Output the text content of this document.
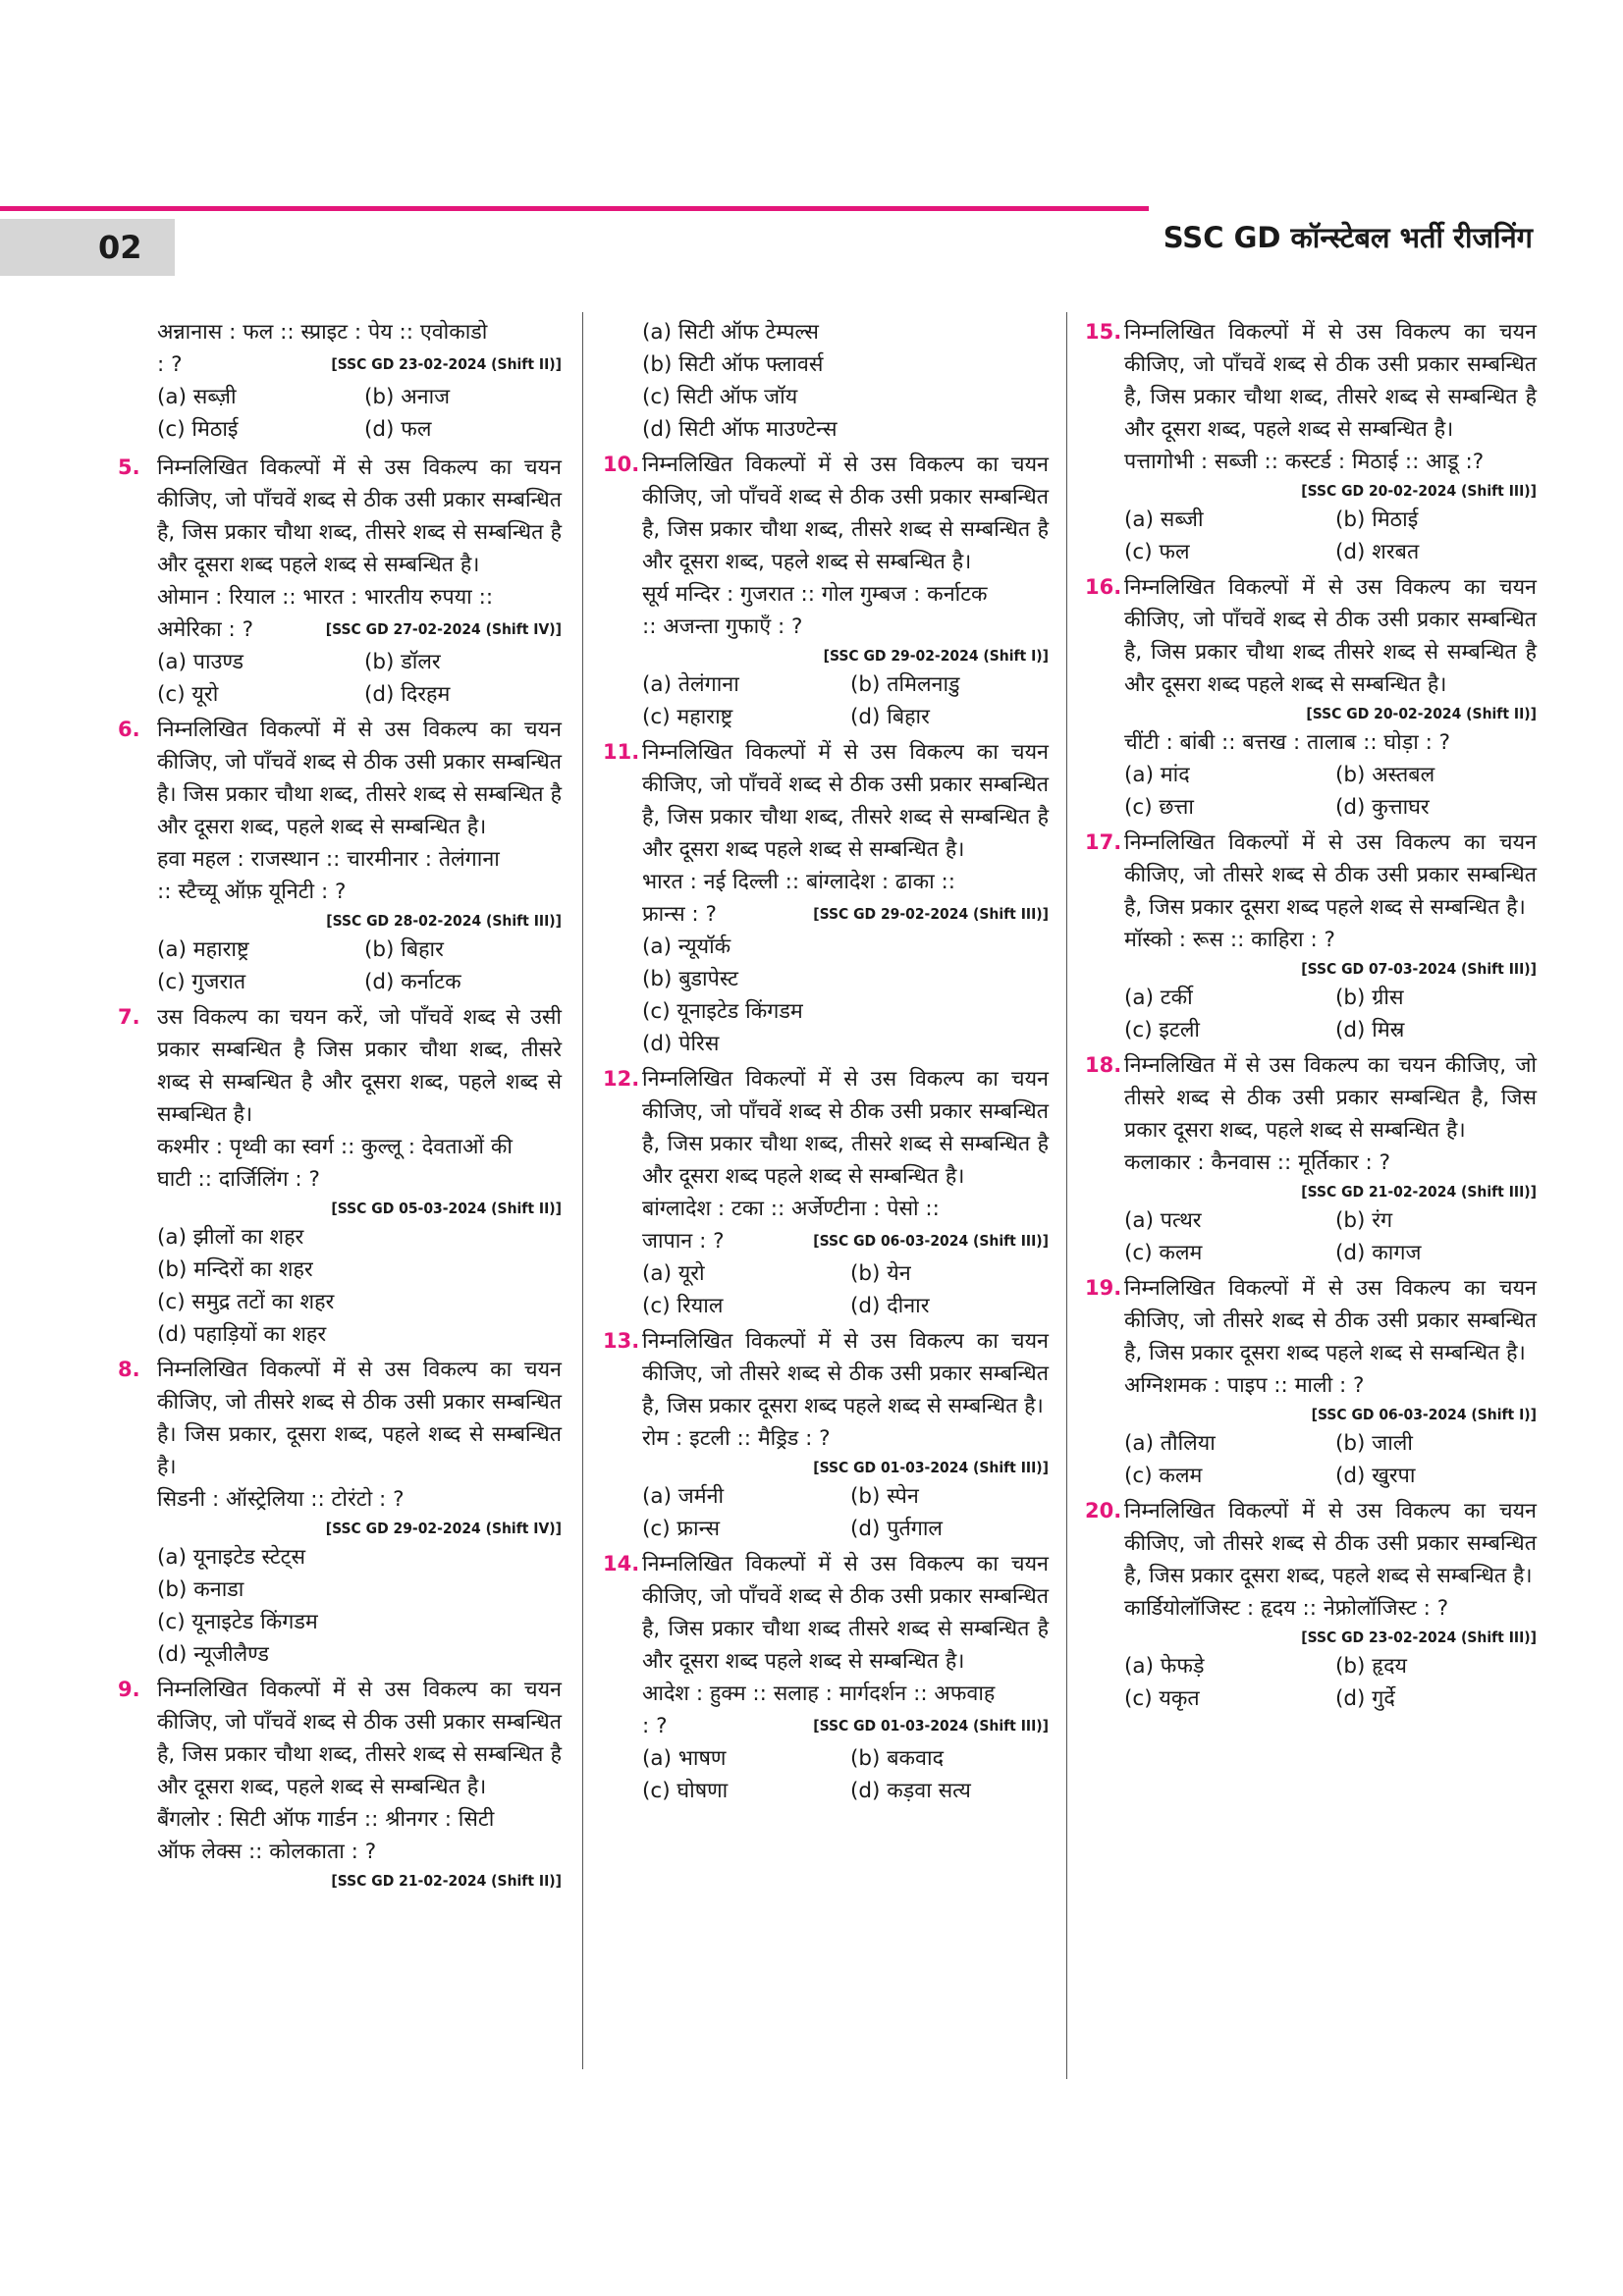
02	SSC GD कॉन्स्टेबल भर्ती रीजनिंग
अन्नानास : फल :: स्प्राइट : पेय :: एवोकाडो
: ?	[SSC GD 23-02-2024 (Shift II)]
(a) सब्ज़ी	(b) अनाज
(c) मिठाई	(d) फल
5. निम्नलिखित विकल्पों में से उस विकल्प का चयन कीजिए, जो पाँचवें शब्द से ठीक उसी प्रकार सम्बन्धित है, जिस प्रकार चौथा शब्द, तीसरे शब्द से सम्बन्धित है और दूसरा शब्द पहले शब्द से सम्बन्धित है।
ओमान : रियाल :: भारत : भारतीय रुपया ::
अमेरिका : ?	[SSC GD 27-02-2024 (Shift IV)]
(a) पाउण्ड	(b) डॉलर
(c) यूरो	(d) दिरहम
6. निम्नलिखित विकल्पों में से उस विकल्प का चयन कीजिए, जो पाँचवें शब्द से ठीक उसी प्रकार सम्बन्धित है। जिस प्रकार चौथा शब्द, तीसरे शब्द से सम्बन्धित है और दूसरा शब्द, पहले शब्द से सम्बन्धित है।
हवा महल : राजस्थान :: चारमीनार : तेलंगाना
:: स्टैच्यू ऑफ़ यूनिटी : ?
[SSC GD 28-02-2024 (Shift III)]
(a) महाराष्ट्र	(b) बिहार
(c) गुजरात	(d) कर्नाटक
7. उस विकल्प का चयन करें, जो पाँचवें शब्द से उसी प्रकार सम्बन्धित है जिस प्रकार चौथा शब्द, तीसरे शब्द से सम्बन्धित है और दूसरा शब्द, पहले शब्द से सम्बन्धित है।
कश्मीर : पृथ्वी का स्वर्ग :: कुल्लू : देवताओं की
घाटी :: दार्जिलिंग : ?
[SSC GD 05-03-2024 (Shift II)]
(a) झीलों का शहर
(b) मन्दिरों का शहर
(c) समुद्र तटों का शहर
(d) पहाड़ियों का शहर
8. निम्नलिखित विकल्पों में से उस विकल्प का चयन कीजिए, जो तीसरे शब्द से ठीक उसी प्रकार सम्बन्धित है। जिस प्रकार, दूसरा शब्द, पहले शब्द से सम्बन्धित है।
सिडनी : ऑस्ट्रेलिया :: टोरंटो : ?
[SSC GD 29-02-2024 (Shift IV)]
(a) यूनाइटेड स्टेट्स
(b) कनाडा
(c) यूनाइटेड किंगडम
(d) न्यूजीलैण्ड
9. निम्नलिखित विकल्पों में से उस विकल्प का चयन कीजिए, जो पाँचवें शब्द से ठीक उसी प्रकार सम्बन्धित है, जिस प्रकार चौथा शब्द, तीसरे शब्द से सम्बन्धित है और दूसरा शब्द, पहले शब्द से सम्बन्धित है।
बैंगलोर : सिटी ऑफ गार्डन :: श्रीनगर : सिटी
ऑफ लेक्स :: कोलकाता : ?
[SSC GD 21-02-2024 (Shift II)]
(a) सिटी ऑफ टेम्पल्स
(b) सिटी ऑफ फ्लावर्स
(c) सिटी ऑफ जॉय
(d) सिटी ऑफ माउण्टेन्स
10. निम्नलिखित विकल्पों में से उस विकल्प का चयन कीजिए, जो पाँचवें शब्द से ठीक उसी प्रकार सम्बन्धित है, जिस प्रकार चौथा शब्द, तीसरे शब्द से सम्बन्धित है और दूसरा शब्द, पहले शब्द से सम्बन्धित है।
सूर्य मन्दिर : गुजरात :: गोल गुम्बज : कर्नाटक
:: अजन्ता गुफाएँ : ?
[SSC GD 29-02-2024 (Shift I)]
(a) तेलंगाना	(b) तमिलनाडु
(c) महाराष्ट्र	(d) बिहार
11. निम्नलिखित विकल्पों में से उस विकल्प का चयन कीजिए, जो पाँचवें शब्द से ठीक उसी प्रकार सम्बन्धित है, जिस प्रकार चौथा शब्द, तीसरे शब्द से सम्बन्धित है और दूसरा शब्द पहले शब्द से सम्बन्धित है।
भारत : नई दिल्ली :: बांग्लादेश : ढाका ::
फ्रान्स : ?	[SSC GD 29-02-2024 (Shift III)]
(a) न्यूयॉर्क
(b) बुडापेस्ट
(c) यूनाइटेड किंगडम
(d) पेरिस
12. निम्नलिखित विकल्पों में से उस विकल्प का चयन कीजिए, जो पाँचवें शब्द से ठीक उसी प्रकार सम्बन्धित है, जिस प्रकार चौथा शब्द, तीसरे शब्द से सम्बन्धित है और दूसरा शब्द पहले शब्द से सम्बन्धित है।
बांग्लादेश : टका :: अर्जेण्टीना : पेसो ::
जापान : ?	[SSC GD 06-03-2024 (Shift III)]
(a) यूरो	(b) येन
(c) रियाल	(d) दीनार
13. निम्नलिखित विकल्पों में से उस विकल्प का चयन कीजिए, जो तीसरे शब्द से ठीक उसी प्रकार सम्बन्धित है, जिस प्रकार दूसरा शब्द पहले शब्द से सम्बन्धित है।
रोम : इटली :: मैड्रिड : ?
[SSC GD 01-03-2024 (Shift III)]
(a) जर्मनी	(b) स्पेन
(c) फ्रान्स	(d) पुर्तगाल
14. निम्नलिखित विकल्पों में से उस विकल्प का चयन कीजिए, जो पाँचवें शब्द से ठीक उसी प्रकार सम्बन्धित है, जिस प्रकार चौथा शब्द तीसरे शब्द से सम्बन्धित है और दूसरा शब्द पहले शब्द से सम्बन्धित है।
आदेश : हुक्म :: सलाह : मार्गदर्शन :: अफवाह
: ?	[SSC GD 01-03-2024 (Shift III)]
(a) भाषण	(b) बकवाद
(c) घोषणा	(d) कड़वा सत्य
15. निम्नलिखित विकल्पों में से उस विकल्प का चयन कीजिए, जो पाँचवें शब्द से ठीक उसी प्रकार सम्बन्धित है, जिस प्रकार चौथा शब्द, तीसरे शब्द से सम्बन्धित है और दूसरा शब्द, पहले शब्द से सम्बन्धित है।
पत्तागोभी : सब्जी :: कस्टर्ड : मिठाई :: आडू :?
[SSC GD 20-02-2024 (Shift III)]
(a) सब्जी	(b) मिठाई
(c) फल	(d) शरबत
16. निम्नलिखित विकल्पों में से उस विकल्प का चयन कीजिए, जो पाँचवें शब्द से ठीक उसी प्रकार सम्बन्धित है, जिस प्रकार चौथा शब्द तीसरे शब्द से सम्बन्धित है और दूसरा शब्द पहले शब्द से सम्बन्धित है।
[SSC GD 20-02-2024 (Shift II)]
चींटी : बांबी :: बत्तख : तालाब :: घोड़ा : ?
(a) मांद	(b) अस्तबल
(c) छत्ता	(d) कुत्ताघर
17. निम्नलिखित विकल्पों में से उस विकल्प का चयन कीजिए, जो तीसरे शब्द से ठीक उसी प्रकार सम्बन्धित है, जिस प्रकार दूसरा शब्द पहले शब्द से सम्बन्धित है।
मॉस्को : रूस :: काहिरा : ?
[SSC GD 07-03-2024 (Shift III)]
(a) टर्की	(b) ग्रीस
(c) इटली	(d) मिस्र
18. निम्नलिखित में से उस विकल्प का चयन कीजिए, जो तीसरे शब्द से ठीक उसी प्रकार सम्बन्धित है, जिस प्रकार दूसरा शब्द, पहले शब्द से सम्बन्धित है।
कलाकार : कैनवास :: मूर्तिकार : ?
[SSC GD 21-02-2024 (Shift III)]
(a) पत्थर	(b) रंग
(c) कलम	(d) कागज
19. निम्नलिखित विकल्पों में से उस विकल्प का चयन कीजिए, जो तीसरे शब्द से ठीक उसी प्रकार सम्बन्धित है, जिस प्रकार दूसरा शब्द पहले शब्द से सम्बन्धित है।
अग्निशमक : पाइप :: माली : ?
[SSC GD 06-03-2024 (Shift I)]
(a) तौलिया	(b) जाली
(c) कलम	(d) खुरपा
20. निम्नलिखित विकल्पों में से उस विकल्प का चयन कीजिए, जो तीसरे शब्द से ठीक उसी प्रकार सम्बन्धित है, जिस प्रकार दूसरा शब्द, पहले शब्द से सम्बन्धित है।
कार्डियोलॉजिस्ट : हृदय :: नेफ्रोलॉजिस्ट : ?
[SSC GD 23-02-2024 (Shift III)]
(a) फेफड़े	(b) हृदय
(c) यकृत	(d) गुर्दे
